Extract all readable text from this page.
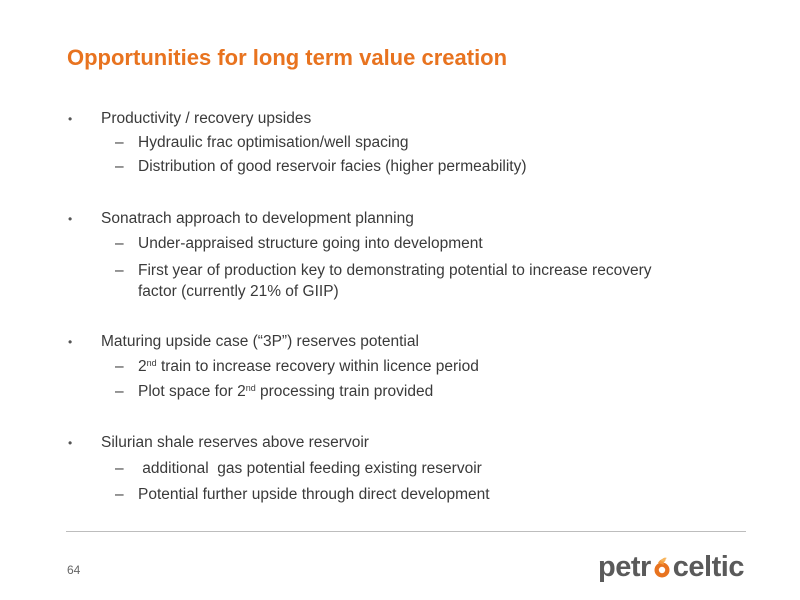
Opportunities for long term value creation
• Productivity / recovery upsides
– Hydraulic frac optimisation/well spacing
– Distribution of good reservoir facies (higher permeability)
• Sonatrach approach to development planning
– Under-appraised structure going into development
– First year of production key to demonstrating potential to increase recovery
factor (currently 21% of GIIP)
• Maturing upside case (“3P”) reserves potential
– 2nd train to increase recovery within licence period
– Plot space for 2nd processing train provided
• Silurian shale reserves above reservoir
– additional  gas potential feeding existing reservoir
– Potential further upside through direct development
64	petr celtic
